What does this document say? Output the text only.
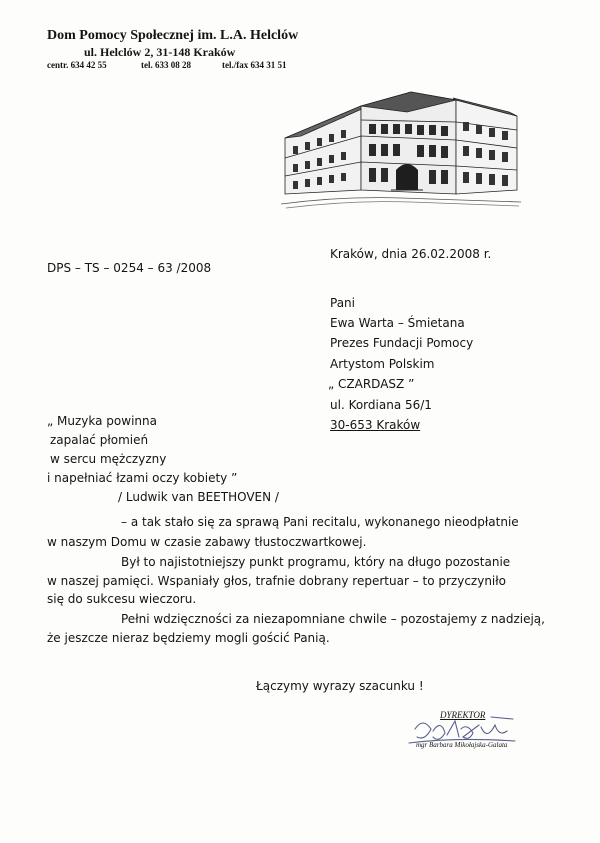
Dom Pomocy Społecznej im. L.A. Helclów
ul. Helclów 2, 31-148 Kraków
centr. 634 42 55	tel. 633 08 28	tel./fax 634 31 51
Kraków, dnia 26.02.2008 r.
DPS – TS – 0254 – 63 /2008
Pani
Ewa Warta – Śmietana
Prezes Fundacji Pomocy
Artystom Polskim
„ CZARDASZ ”
ul. Kordiana 56/1
30-653 Kraków
„ Muzyka powinna
zapalać płomień
w sercu mężczyzny
i napełniać łzami oczy kobiety ”
/ Ludwik van BEETHOVEN /
– a tak stało się za sprawą Pani recitalu, wykonanego nieodpłatnie
w naszym Domu w czasie zabawy tłustoczwartkowej.
Był to najistotniejszy punkt programu, który na długo pozostanie
w naszej pamięci. Wspaniały głos, trafnie dobrany repertuar – to przyczyniło
się do sukcesu wieczoru.
Pełni wdzięczności za niezapomniane chwile – pozostajemy z nadzieją,
że jeszcze nieraz będziemy mogli gościć Panią.
Łączymy wyrazy szacunku !
DYREKTOR
mgr Barbara Mikołajska-Galata
